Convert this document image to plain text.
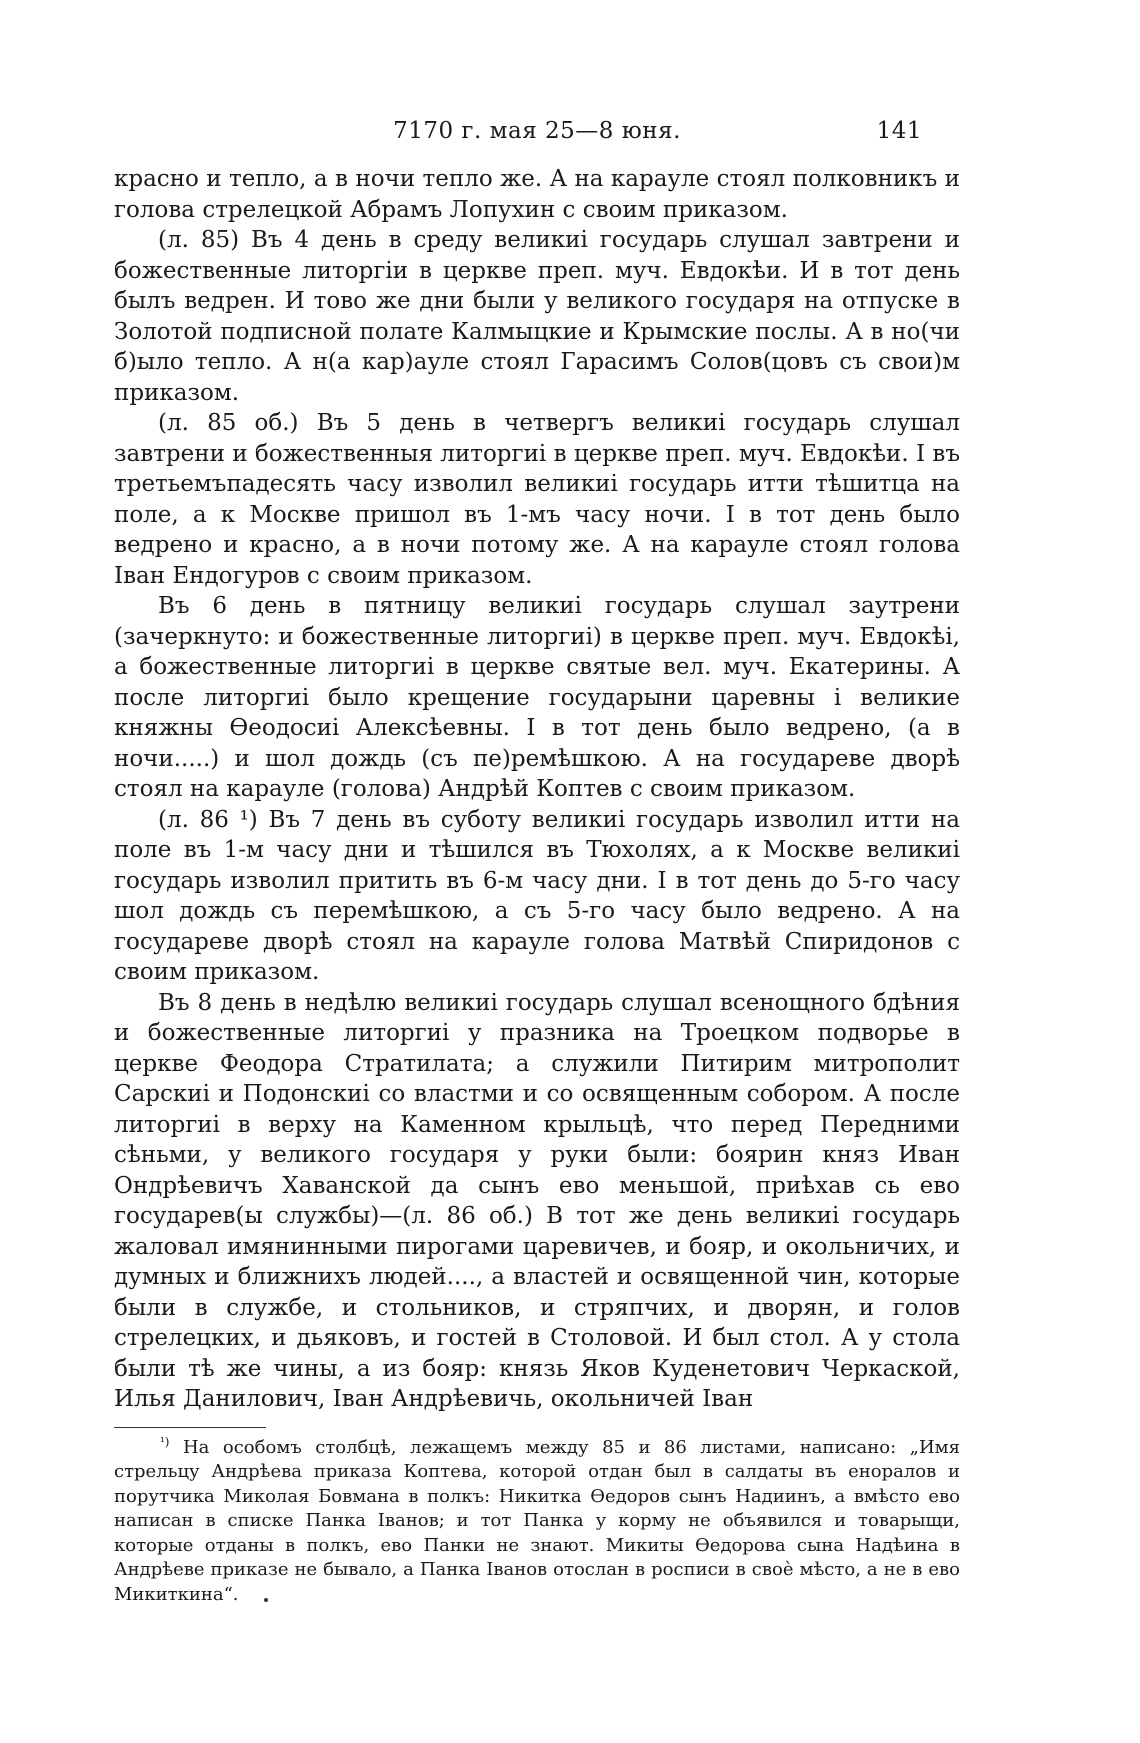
7170 г. мая 25—8 юня.	141

красно и тепло, а в ночи тепло же. А на карауле стоял полковникъ и голова стрелецкой Абрамъ Лопухин с своим приказом.

(л. 85) Въ 4 день в среду великиі государь слушал завтрени и божественные литоргіи в церкве преп. муч. Евдокѣи. И в тот день былъ ведрен. И тово же дни были у великого государя на отпуске в Золотой подписной полате Калмыцкие и Крымские послы. А в но(чи б)ыло тепло. А н(а кар)ауле стоял Гарасимъ Солов(цовъ съ свои)м приказом.

(л. 85 об.) Въ 5 день в четвергъ великиі государь слушал завтрени и божественныя литоргиі в церкве преп. муч. Евдокѣи. І въ третьемъпадесять часу изволил великиі государь итти тѣшитца на поле, а к Москве пришол въ 1-мъ часу ночи. І в тот день было ведрено и красно, а в ночи потому же. А на карауле стоял голова Іван Ендогуров с своим приказом.

Въ 6 день в пятницу великиі государь слушал заутрени (зачеркнуто: и божественные литоргиі) в церкве преп. муч. Евдокѣі, а божественные литоргиі в церкве святые вел. муч. Екатерины. А после литоргиі было крещение государыни царевны і великие княжны Өеодосиі Алексѣевны. І в тот день было ведрено, (а в ночи.....) и шол дождь (съ пе)ремѣшкою. А на государеве дворѣ стоял на карауле (голова) Андрѣй Коптев с своим приказом.

(л. 86 ¹) Въ 7 день въ суботу великиі государь изволил итти на поле въ 1-м часу дни и тѣшился въ Тюхолях, а к Москве великиі государь изволил притить въ 6-м часу дни. І в тот день до 5-го часу шол дождь съ перемѣшкою, а съ 5-го часу было ведрено. А на государеве дворѣ стоял на карауле голова Матвѣй Спиридонов с своим приказом.

Въ 8 день в недѣлю великиі государь слушал всенощного бдѣния и божественные литоргиі у празника на Троецком подворье в церкве Феодора Стратилата; а служили Питирим митрополит Сарскиі и Подонскиі со властми и со освященным собором. А после литоргиі в верху на Каменном крыльцѣ, что перед Передними сѣньми, у великого государя у руки были: боярин княз Иван Ондрѣевичъ Хаванской да сынъ ево меньшой, приѣхав сь ево государев(ы службы)—(л. 86 об.) В тот же день великиі государь жаловал имянинными пирогами царевичев, и бояр, и окольничих, и думных и ближнихъ людей...., а властей и освященной чин, которые были в службе, и стольников, и стряпчих, и дворян, и голов стрелецких, и дьяковъ, и гостей в Столовой. И был стол. А у стола были тѣ же чины, а из бояр: князь Яков Куденетович Черкаской, Илья Данилович, Іван Андрѣевичь, окольничей Іван

$^{^1)}$ На особомъ столбцѣ, лежащемъ между 85 и 86 листами, написано: „Имя стрельцу Андрѣева приказа Коптева, которой отдан был в салдаты въ еноралов и порутчика Миколая Бовмана в полкъ: Никитка Өедоров сынъ Надиинъ, а вмѣсто ево написан в списке Панка Іванов; и тот Панка у корму не объявился и товарыщи, которые отданы в полкъ, ево Панки не знают. Микиты Өедорова сына Надѣина в Андрѣеве приказе не бывало, а Панка Іванов отослан в росписи в своѐ мѣсто, а не в ево Микиткина“.
